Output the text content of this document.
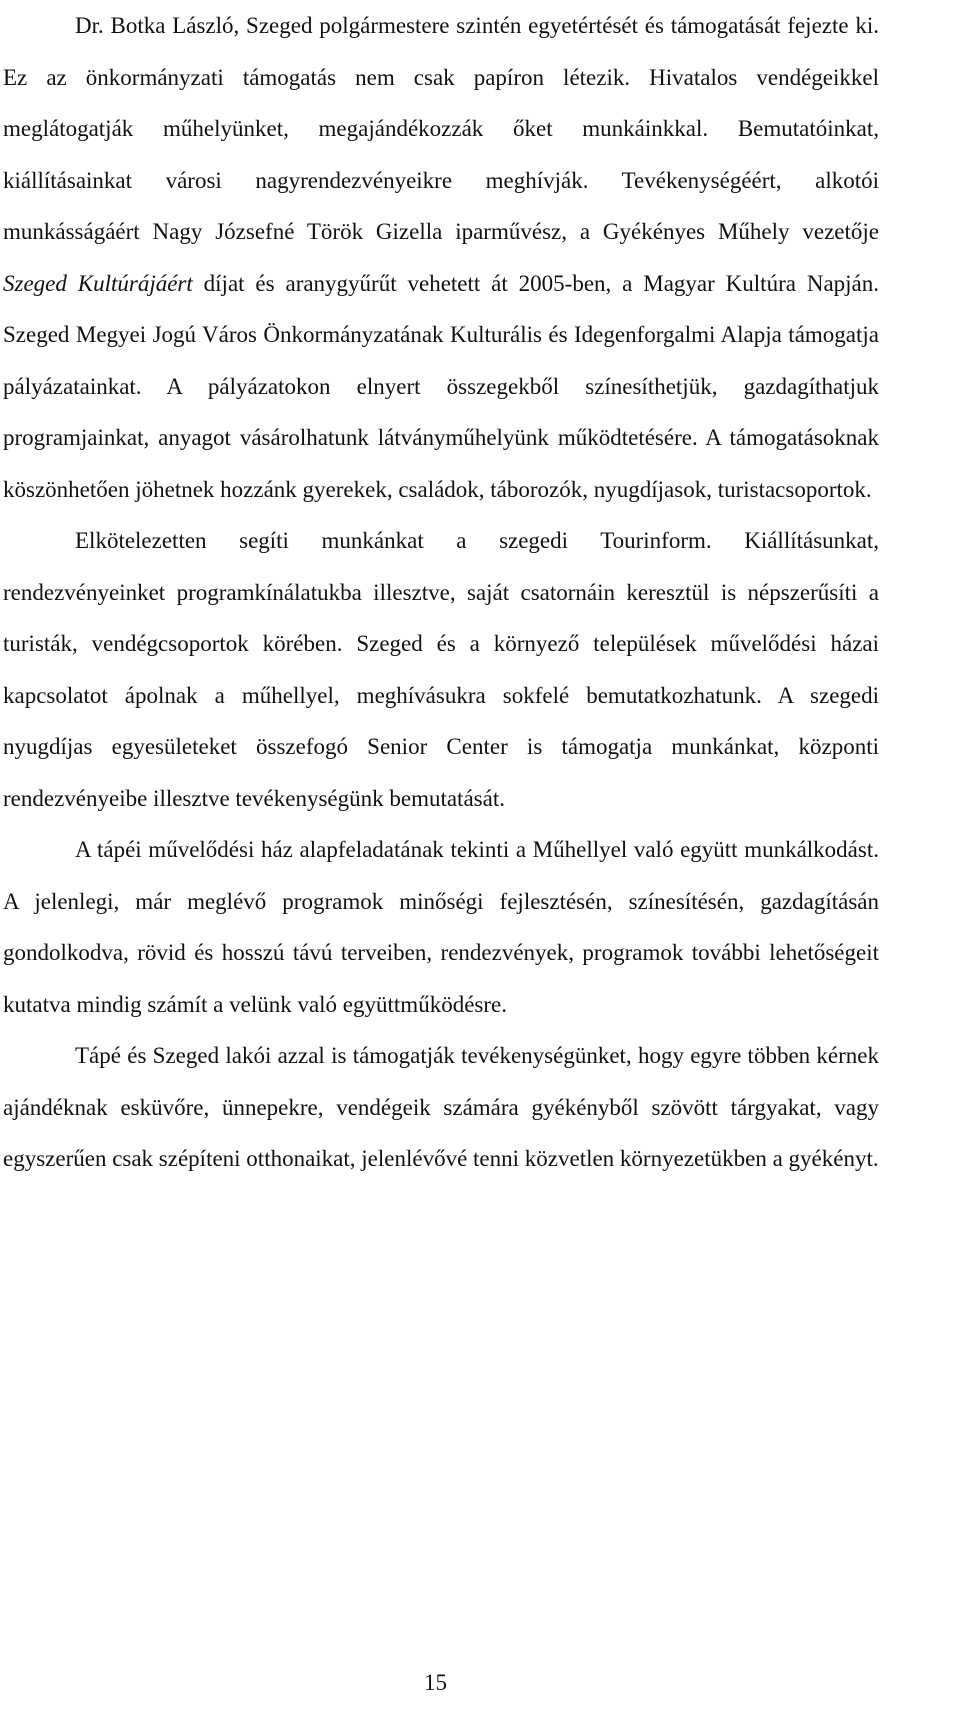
Dr. Botka László, Szeged polgármestere szintén egyetértését és támogatását fejezte ki. Ez az önkormányzati támogatás nem csak papíron létezik. Hivatalos vendégeikkel meglátogatják műhelyünket, megajándékozzák őket munkáinkkal. Bemutatóinkat, kiállításainkat városi nagyrendezvényeikre meghívják. Tevékenységéért, alkotói munkásságáért Nagy Józsefné Török Gizella iparművész, a Gyékényes Műhely vezetője Szeged Kultúrájáért díjat és aranygyűrűt vehetett át 2005-ben, a Magyar Kultúra Napján. Szeged Megyei Jogú Város Önkormányzatának Kulturális és Idegenforgalmi Alapja támogatja pályázatainkat. A pályázatokon elnyert összegekből színesíthetjük, gazdagíthatjuk programjainkat, anyagot vásárolhatunk látványműhelyünk működtetésére. A támogatásoknak köszönhetően jöhetnek hozzánk gyerekek, családok, táborozók, nyugdíjasok, turistacsoportok.

Elkötelezetten segíti munkánkat a szegedi Tourinform. Kiállításunkat, rendezvényeinket programkínálatukba illesztve, saját csatornáin keresztül is népszerűsíti a turisták, vendégcsoportok körében. Szeged és a környező települések művelődési házai kapcsolatot ápolnak a műhellyel, meghívásukra sokfelé bemutatkozhatunk. A szegedi nyugdíjas egyesületeket összefogó Senior Center is támogatja munkánkat, központi rendezvényeibe illesztve tevékenységünk bemutatását.

A tápéi művelődési ház alapfeladatának tekinti a Műhellyel való együtt munkálkodást. A jelenlegi, már meglévő programok minőségi fejlesztésén, színesítésén, gazdagításán gondolkodva, rövid és hosszú távú terveiben, rendezvények, programok további lehetőségeit kutatva mindig számít a velünk való együttműködésre.

Tápé és Szeged lakói azzal is támogatják tevékenységünket, hogy egyre többen kérnek ajándéknak esküvőre, ünnepekre, vendégeik számára gyékényből szövött tárgyakat, vagy egyszerűen csak szépíteni otthonaikat, jelenlévővé tenni közvetlen környezetükben a gyékényt.

15
